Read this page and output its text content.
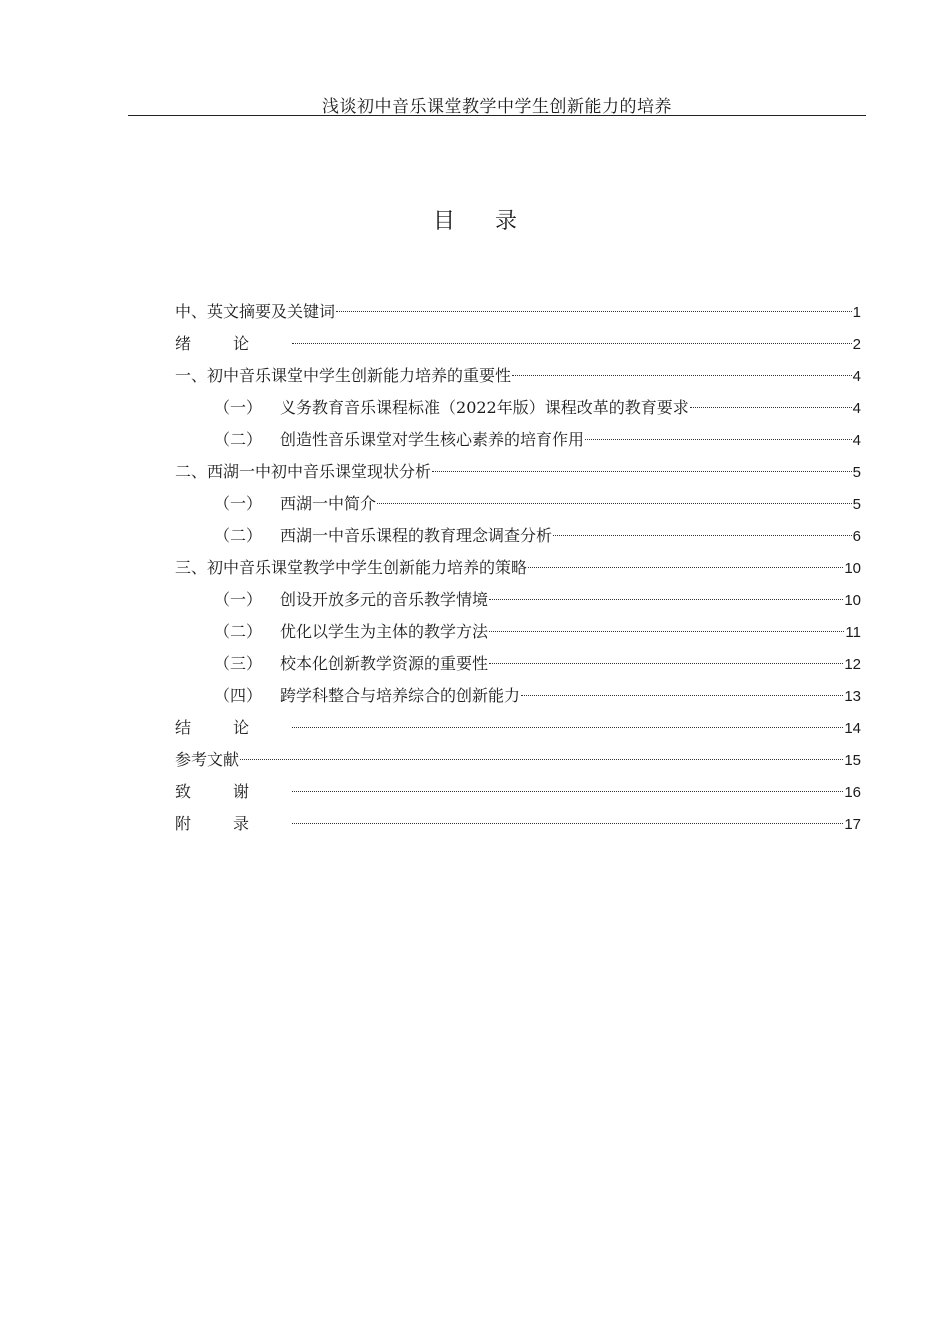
浅谈初中音乐课堂教学中学生创新能力的培养
目录
中、英文摘要及关键词	1
绪论	2
一、初中音乐课堂中学生创新能力培养的重要性	4
（一） 义务教育音乐课程标准（2022年版）课程改革的教育要求	4
（二） 创造性音乐课堂对学生核心素养的培育作用	4
二、西湖一中初中音乐课堂现状分析	5
（一） 西湖一中简介	5
（二） 西湖一中音乐课程的教育理念调查分析	6
三、初中音乐课堂教学中学生创新能力培养的策略	10
（一） 创设开放多元的音乐教学情境	10
（二） 优化以学生为主体的教学方法	11
（三） 校本化创新教学资源的重要性	12
（四） 跨学科整合与培养综合的创新能力	13
结论	14
参考文献	15
致谢	16
附录	17
